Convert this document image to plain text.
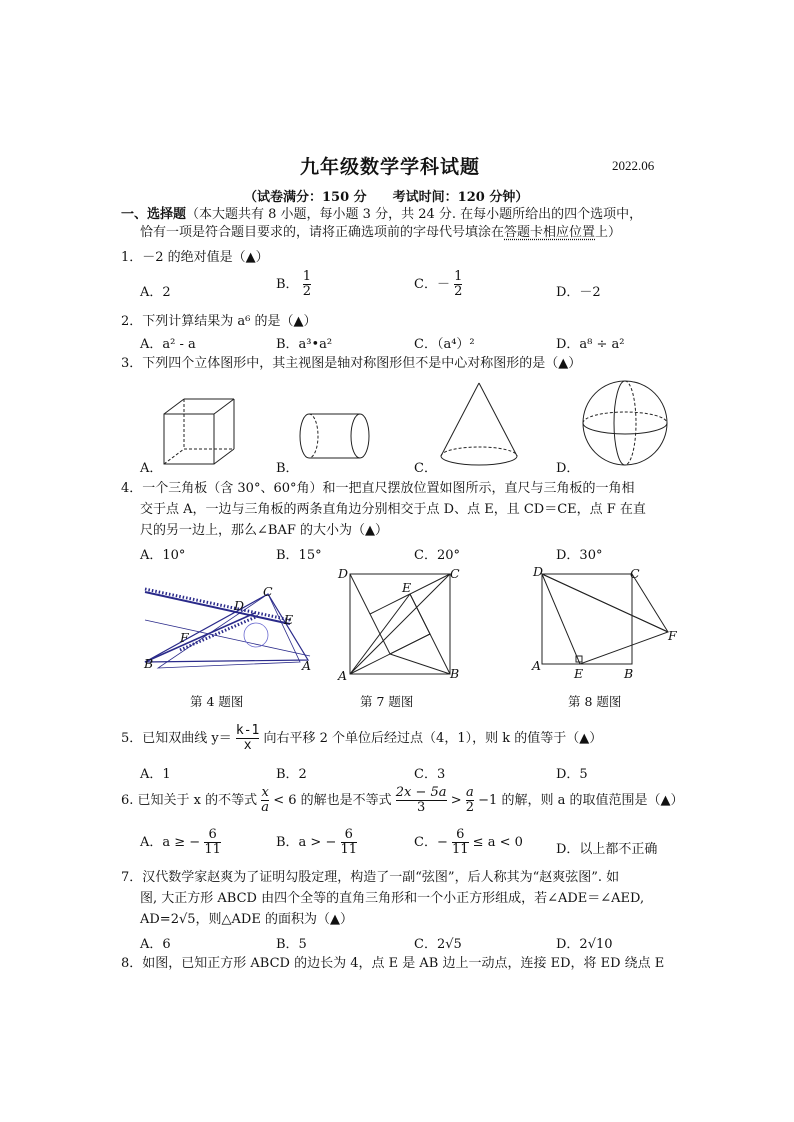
九年级数学学科试题	2022.06
（试卷满分：150 分　　考试时间：120 分钟）
一、选择题（本大题共有 8 小题，每小题 3 分，共 24 分. 在每小题所给出的四个选项中，
恰有一项是符合题目要求的，请将正确选项前的字母代号填涂在答题卡相应位置上）
1．－2 的绝对值是（▲）
A．2
B． $\frac{1}{2}$	C．－ $\frac{1}{2}$	D．－2
2．下列计算结果为 a⁶ 的是（▲）
A．a² - a	B．a³•a²	C．（a⁴）²	D．a⁸ ÷ a²
3．下列四个立体图形中，其主视图是轴对称图形但不是中心对称图形的是（▲）
A．	B．	C．	D．
4．一个三角板（含 30°、60°角）和一把直尺摆放位置如图所示，直尺与三角板的一角相
交于点 A，一边与三角板的两条直角边分别相交于点 D、点 E，且 CD＝CE，点 F 在直
尺的另一边上，那么∠BAF 的大小为（▲）
A．10°	B．15°	C．20°	D．30°
C
D
E
F
B	A
D	C
E
A	B
D	C
F
A
E	B
第 4 题图	第 7 题图	第 8 题图
5．已知双曲线 $y= \frac{k-1}{x}$ 向右平移 2 个单位后经过点（4，1），则 k 的值等于（▲）
A．1	B．2	C．3	D．5
6. 已知关于 x 的不等式 $\frac{x}{a} < 6$ 的解也是不等式 $\frac{2x - 5a}{3} > \frac{a}{2} -1$ 的解，则 a 的取值范围是（▲）
A．a ≥ − $\frac{6}{11}$	B．a > − $\frac{6}{11}$	C．− $\frac{6}{11} \le a < 0$	D．以上都不正确
7．汉代数学家赵爽为了证明勾股定理，构造了一副“弦图”，后人称其为“赵爽弦图”. 如
图, 大正方形 ABCD 由四个全等的直角三角形和一个小正方形组成，若∠ADE＝∠AED,
AD=2√5，则△ADE 的面积为（▲）
A．6	B．5	C．2√5	D．2√10
8．如图，已知正方形 ABCD 的边长为 4，点 E 是 AB 边上一动点，连接 ED，将 ED 绕点 E
